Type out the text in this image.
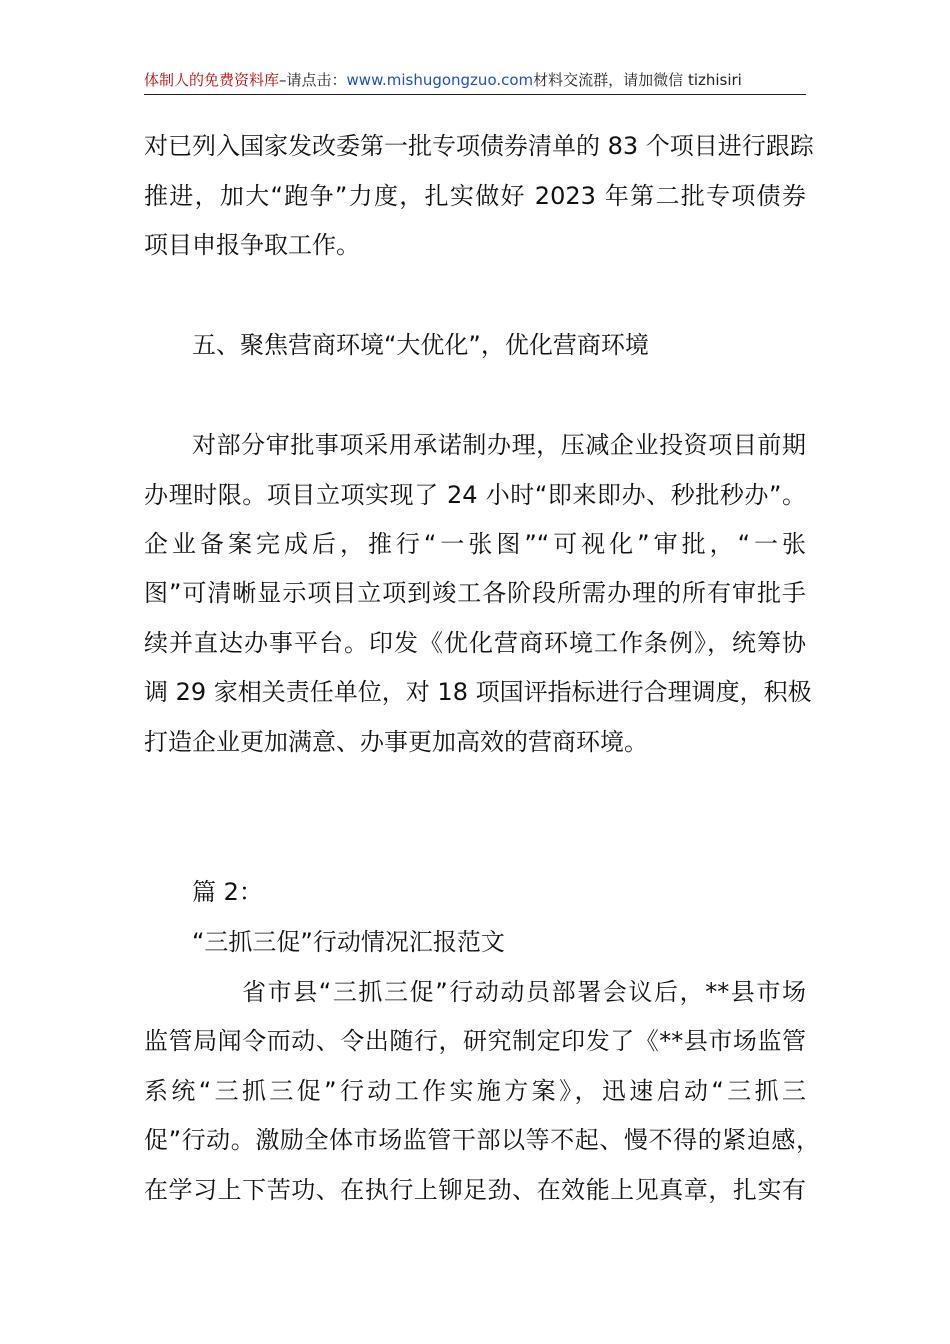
体制人的免费资料库–请点击：www.mishugongzuo.com材料交流群，请加微信 tizhisiri
对已列入国家发改委第一批专项债券清单的 83 个项目进行跟踪
推进，加大“跑争”力度，扎实做好 2023 年第二批专项债券
项目申报争取工作。
五、聚焦营商环境“大优化”，优化营商环境
对部分审批事项采用承诺制办理，压减企业投资项目前期
办理时限。项目立项实现了 24 小时“即来即办、秒批秒办”。
企业备案完成后，推行“一张图”“可视化”审批，“一张
图”可清晰显示项目立项到竣工各阶段所需办理的所有审批手
续并直达办事平台。印发《优化营商环境工作条例》，统筹协
调 29 家相关责任单位，对 18 项国评指标进行合理调度，积极
打造企业更加满意、办事更加高效的营商环境。
篇 2：
“三抓三促”行动情况汇报范文
省市县“三抓三促”行动动员部署会议后，**县市场
监管局闻令而动、令出随行，研究制定印发了《**县市场监管
系统“三抓三促”行动工作实施方案》，迅速启动“三抓三
促”行动。激励全体市场监管干部以等不起、慢不得的紧迫感，
在学习上下苦功、在执行上铆足劲、在效能上见真章，扎实有
